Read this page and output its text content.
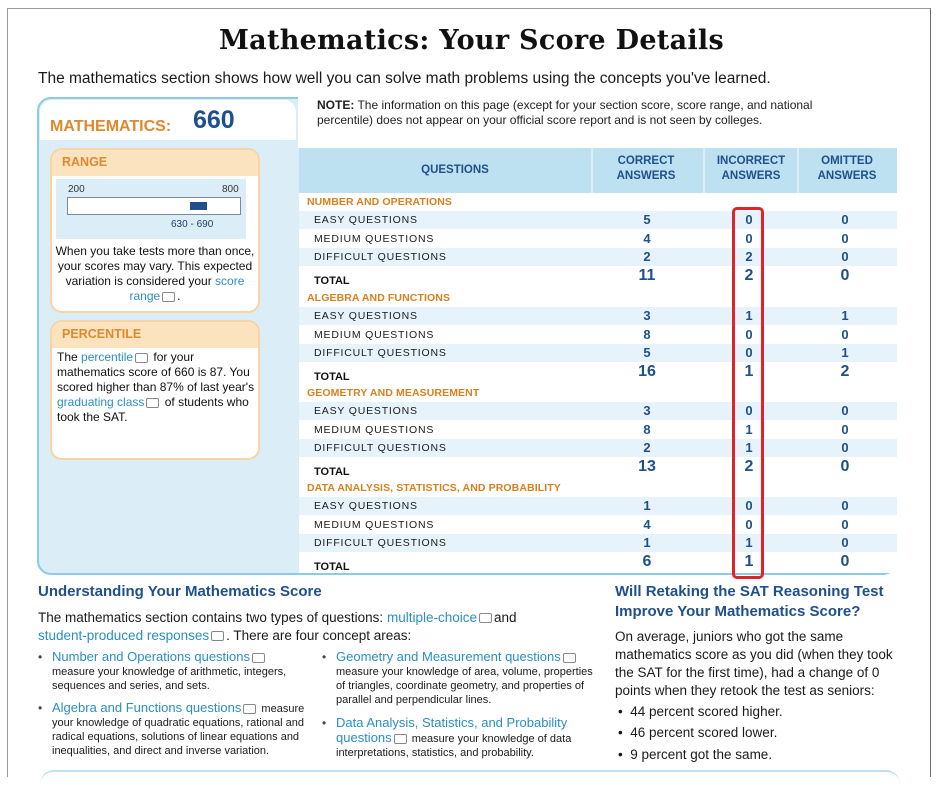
Mathematics: Your Score Details
The mathematics section shows how well you can solve math problems using the concepts you've learned.
NOTE: The information on this page (except for your section score, score range, and national percentile) does not appear on your official score report and is not seen by colleges.
MATHEMATICS: 660
RANGE
200	800
630 - 690
When you take tests more than once, your scores may vary. This expected variation is considered your score range .
PERCENTILE
The percentile for your mathematics score of 660 is 87. You scored higher than 87% of last year's graduating class of students who took the SAT.
QUESTIONS
CORRECT ANSWERS
INCORRECT ANSWERS
OMITTED ANSWERS
NUMBER AND OPERATIONS
EASY QUESTIONS	5	0	0
MEDIUM QUESTIONS	4	0	0
DIFFICULT QUESTIONS	2	2	0
TOTAL	11	2	0
ALGEBRA AND FUNCTIONS
EASY QUESTIONS	3	1	1
MEDIUM QUESTIONS	8	0	0
DIFFICULT QUESTIONS	5	0	1
TOTAL	16	1	2
GEOMETRY AND MEASUREMENT
EASY QUESTIONS	3	0	0
MEDIUM QUESTIONS	8	1	0
DIFFICULT QUESTIONS	2	1	0
TOTAL	13	2	0
DATA ANALYSIS, STATISTICS, AND PROBABILITY
EASY QUESTIONS	1	0	0
MEDIUM QUESTIONS	4	0	0
DIFFICULT QUESTIONS	1	1	0
TOTAL	6	1	0
Understanding Your Mathematics Score
The mathematics section contains two types of questions: multiple-choice and
student-produced responses . There are four concept areas:
• Number and Operations questions
measure your knowledge of arithmetic, integers, sequences and series, and sets.
• Algebra and Functions questions measure your knowledge of quadratic equations, rational and radical equations, solutions of linear equations and inequalities, and direct and inverse variation.
• Geometry and Measurement questions
measure your knowledge of area, volume, properties of triangles, coordinate geometry, and properties of parallel and perpendicular lines.
• Data Analysis, Statistics, and Probability questions measure your knowledge of data interpretations, statistics, and probability.
Will Retaking the SAT Reasoning Test Improve Your Mathematics Score?
On average, juniors who got the same mathematics score as you did (when they took the SAT for the first time), had a change of 0 points when they retook the test as seniors:
•  44 percent scored higher.
•  46 percent scored lower.
•  9 percent got the same.
